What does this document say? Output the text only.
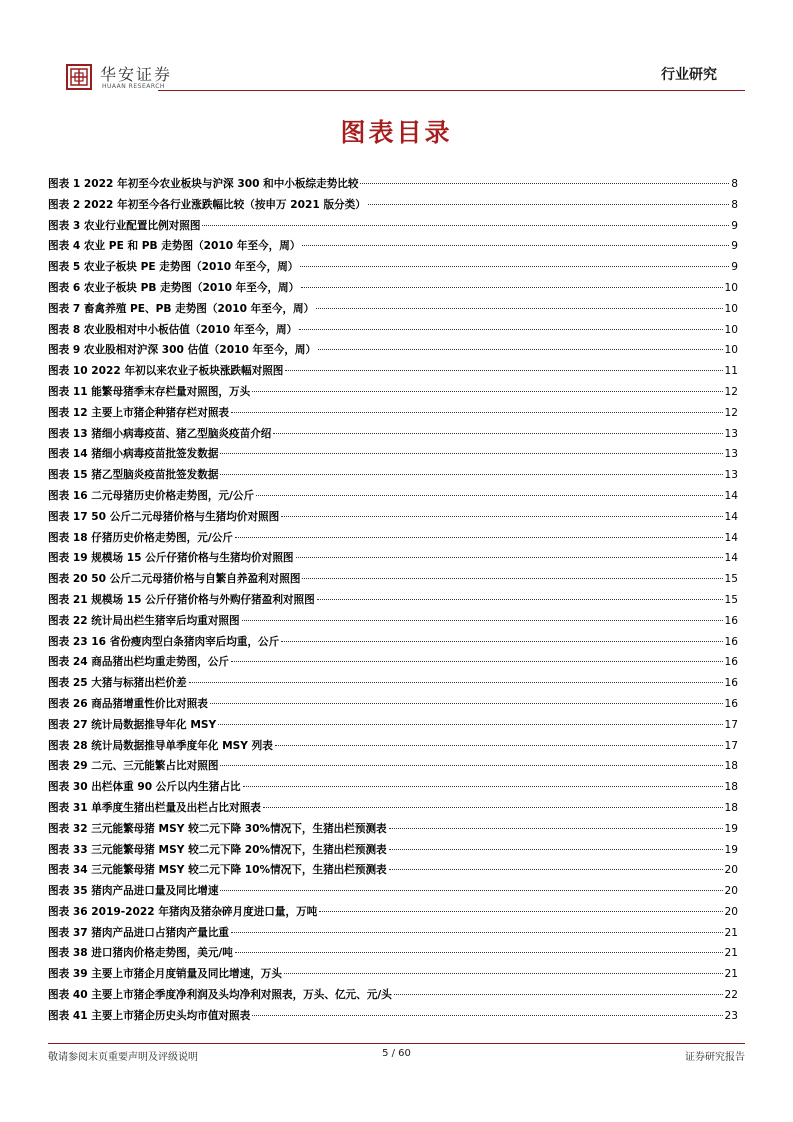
华安证券
HUAAN RESEARCH
行业研究
图表目录
图表 1 2022 年初至今农业板块与沪深 300 和中小板综走势比较	8
图表 2 2022 年初至今各行业涨跌幅比较（按申万 2021 版分类）	8
图表 3 农业行业配置比例对照图	9
图表 4 农业 PE 和 PB 走势图（2010 年至今，周）	9
图表 5 农业子板块 PE 走势图（2010 年至今，周）	9
图表 6 农业子板块 PB 走势图（2010 年至今，周）	10
图表 7 畜禽养殖 PE、PB 走势图（2010 年至今，周）	10
图表 8 农业股相对中小板估值（2010 年至今，周）	10
图表 9 农业股相对沪深 300 估值（2010 年至今，周）	10
图表 10 2022 年初以来农业子板块涨跌幅对照图	11
图表 11 能繁母猪季末存栏量对照图，万头	12
图表 12 主要上市猪企种猪存栏对照表	12
图表 13 猪细小病毒疫苗、猪乙型脑炎疫苗介绍	13
图表 14 猪细小病毒疫苗批签发数据	13
图表 15 猪乙型脑炎疫苗批签发数据	13
图表 16 二元母猪历史价格走势图，元/公斤	14
图表 17 50 公斤二元母猪价格与生猪均价对照图	14
图表 18 仔猪历史价格走势图，元/公斤	14
图表 19 规模场 15 公斤仔猪价格与生猪均价对照图	14
图表 20 50 公斤二元母猪价格与自繁自养盈利对照图	15
图表 21 规模场 15 公斤仔猪价格与外购仔猪盈利对照图	15
图表 22 统计局出栏生猪宰后均重对照图	16
图表 23 16 省份瘦肉型白条猪肉宰后均重，公斤	16
图表 24 商品猪出栏均重走势图，公斤	16
图表 25 大猪与标猪出栏价差	16
图表 26 商品猪增重性价比对照表	16
图表 27 统计局数据推导年化 MSY	17
图表 28 统计局数据推导单季度年化 MSY 列表	17
图表 29 二元、三元能繁占比对照图	18
图表 30 出栏体重 90 公斤以内生猪占比	18
图表 31 单季度生猪出栏量及出栏占比对照表	18
图表 32 三元能繁母猪 MSY 较二元下降 30%情况下，生猪出栏预测表	19
图表 33 三元能繁母猪 MSY 较二元下降 20%情况下，生猪出栏预测表	19
图表 34 三元能繁母猪 MSY 较二元下降 10%情况下，生猪出栏预测表	20
图表 35 猪肉产品进口量及同比增速	20
图表 36 2019-2022 年猪肉及猪杂碎月度进口量，万吨	20
图表 37 猪肉产品进口占猪肉产量比重	21
图表 38 进口猪肉价格走势图，美元/吨	21
图表 39 主要上市猪企月度销量及同比增速，万头	21
图表 40 主要上市猪企季度净利润及头均净利对照表，万头、亿元、元/头	22
图表 41 主要上市猪企历史头均市值对照表	23
敬请参阅末页重要声明及评级说明	5 / 60	证券研究报告
